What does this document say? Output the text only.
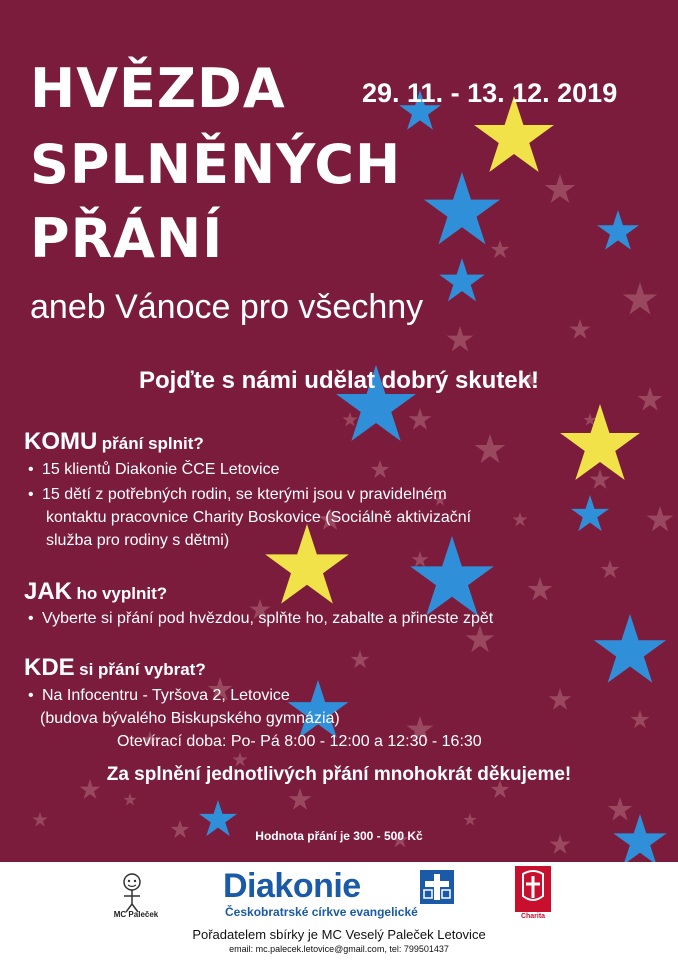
HVĚZDA
SPLNĚNÝCH
PŘÁNÍ
29. 11. - 13. 12. 2019
aneb Vánoce pro všechny
Pojďte s námi udělat dobrý skutek!
KOMU přání splnit?
• 15 klientů Diakonie ČCE Letovice
• 15 dětí z potřebných rodin, se kterými jsou v pravidelném
kontaktu pracovnice Charity Boskovice (Sociálně aktivizační
služba pro rodiny s dětmi)
JAK ho vyplnit?
• Vyberte si přání pod hvězdou, splňte ho, zabalte a přineste zpět
KDE si přání vybrat?
• Na Infocentru - Tyršova 2, Letovice
(budova bývalého Biskupského gymnázia)
Otevírací doba: Po- Pá 8:00 - 12:00 a 12:30 - 16:30
Za splnění jednotlivých přání mnohokrát děkujeme!
Hodnota přání je 300 - 500 Kč
MC Paleček
Diakonie
Českobratrské církve evangelické	Charita
Pořadatelem sbírky je MC Veselý Paleček Letovice
email: mc.palecek.letovice@gmail.com, tel: 799501437
